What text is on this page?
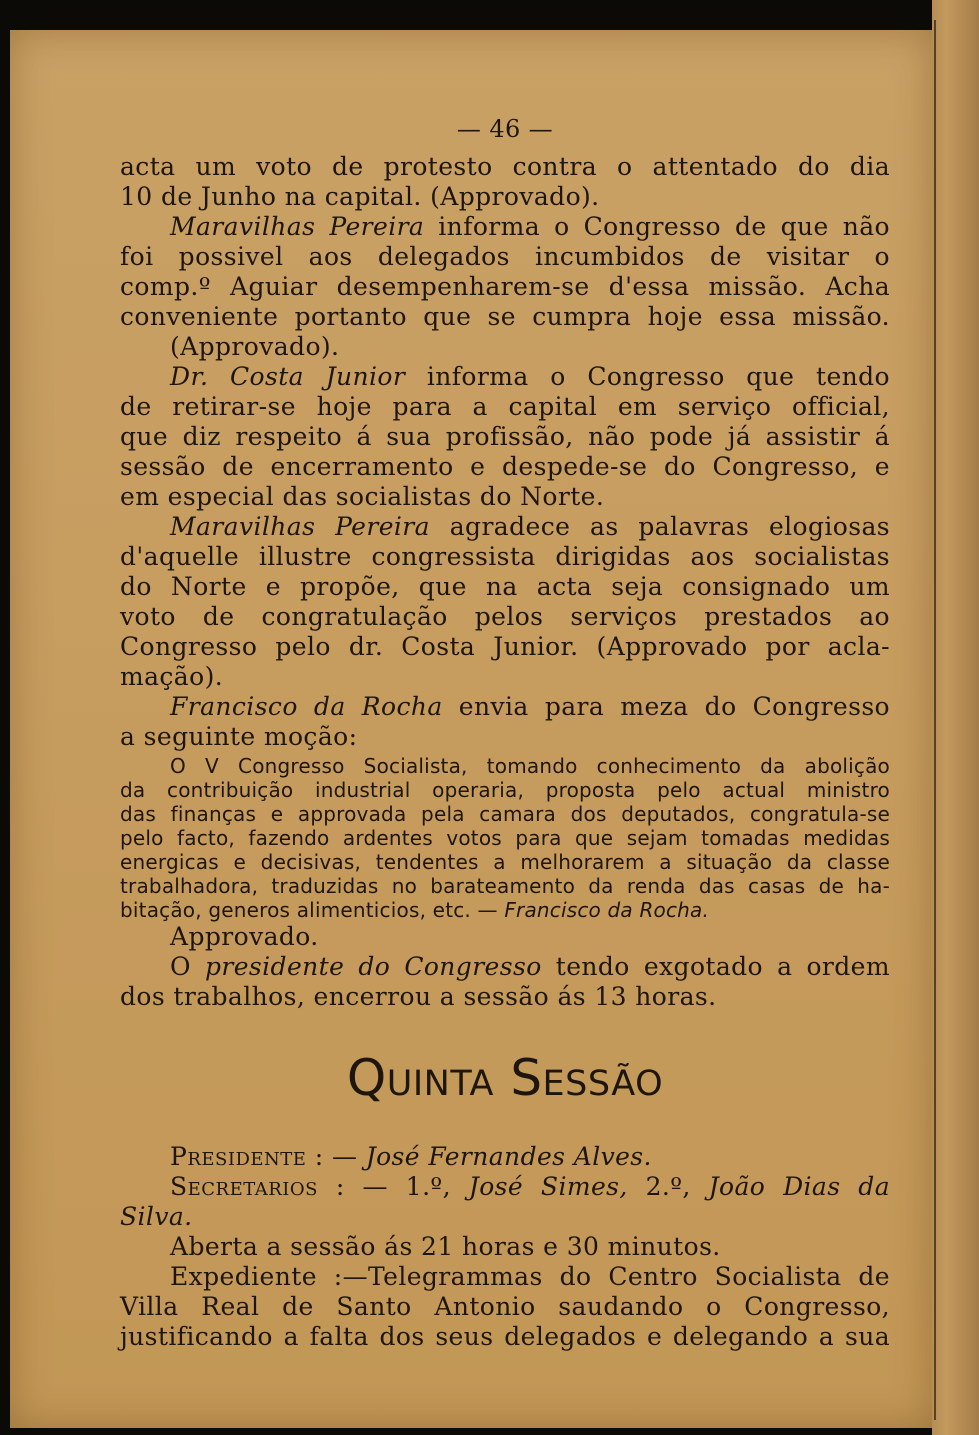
— 46 —
acta um voto de protesto contra o attentado do dia
10 de Junho na capital. (Approvado).
Maravilhas Pereira informa o Congresso de que não
foi possivel aos delegados incumbidos de visitar o
comp.º Aguiar desempenharem-se d'essa missão. Acha
conveniente portanto que se cumpra hoje essa missão.
(Approvado).
Dr. Costa Junior informa o Congresso que tendo
de retirar-se hoje para a capital em serviço official,
que diz respeito á sua profissão, não pode já assistir á
sessão de encerramento e despede-se do Congresso, e
em especial das socialistas do Norte.
Maravilhas Pereira agradece as palavras elogiosas
d'aquelle illustre congressista dirigidas aos socialistas
do Norte e propõe, que na acta seja consignado um
voto de congratulação pelos serviços prestados ao
Congresso pelo dr. Costa Junior. (Approvado por acla-
mação).
Francisco da Rocha envia para meza do Congresso
a seguinte moção:
O V Congresso Socialista, tomando conhecimento da abolição
da contribuição industrial operaria, proposta pelo actual ministro
das finanças e approvada pela camara dos deputados, congratula-se
pelo facto, fazendo ardentes votos para que sejam tomadas medidas
energicas e decisivas, tendentes a melhorarem a situação da classe
trabalhadora, traduzidas no barateamento da renda das casas de ha-
bitação, generos alimenticios, etc. — Francisco da Rocha.
Approvado.
O presidente do Congresso tendo exgotado a ordem
dos trabalhos, encerrou a sessão ás 13 horas.
Quinta Sessão
Presidente : — José Fernandes Alves.
Secretarios : — 1.º, José Simes, 2.º, João Dias da
Silva.
Aberta a sessão ás 21 horas e 30 minutos.
Expediente :—Telegrammas do Centro Socialista de
Villa Real de Santo Antonio saudando o Congresso,
justificando a falta dos seus delegados e delegando a sua
